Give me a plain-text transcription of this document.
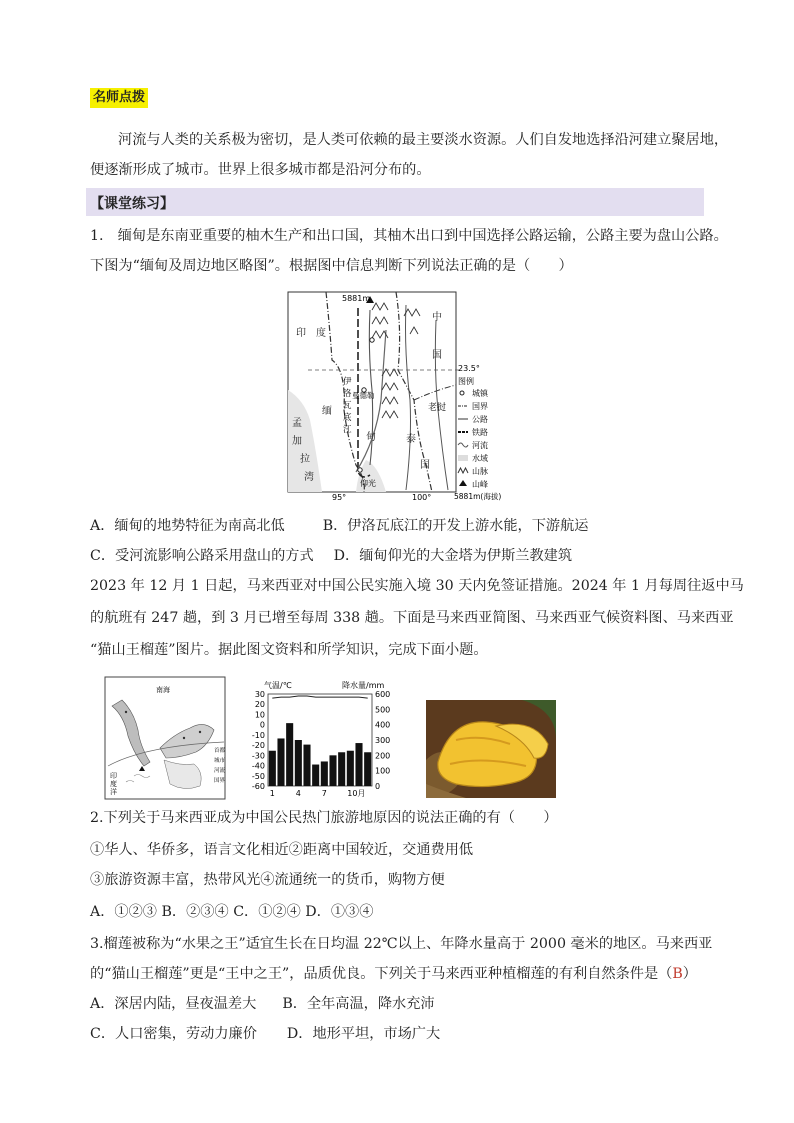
名师点拨
河流与人类的关系极为密切，是人类可依赖的最主要淡水资源。人们自发地选择沿河建立聚居地，
便逐渐形成了城市。世界上很多城市都是沿河分布的。
【课堂练习】
1.　缅甸是东南亚重要的柚木生产和出口国，其柚木出口到中国选择公路运输，公路主要为盘山公路。
下图为“缅甸及周边地区略图”。根据图中信息判断下列说法正确的是（　　）
5881m
23.5°
95°	100°
印 度
中
国
缅
甸
孟
加
拉
湾
泰
国
老挝
伊
洛
瓦
底
江
曼德勒
仰光
图例
城镇
国界
公路
铁路
河流
水域
山脉
山峰
5881m(海拔)
A．缅甸的地势特征为南高北低	B．伊洛瓦底江的开发上游水能，下游航运
C．受河流影响公路采用盘山的方式 D．缅甸仰光的大金塔为伊斯兰教建筑
2023 年 12 月 1 日起，马来西亚对中国公民实施入境 30 天内免签证措施。2024 年 1 月每周往返中马
的航班有 247 趟，到 3 月已增至每周 338 趟。下面是马来西亚简图、马来西亚气候资料图、马来西亚
“猫山王榴莲”图片。据此图文资料和所学知识，完成下面小题。
南海
印
度
洋
首都
城市
河流
国界
气温/℃	降水量/mm
30
20
10
0
-10
-20
-30
-40
-50
-60
600
500
400
300
200
100
0
1	4	7	10月
2.下列关于马来西亚成为中国公民热门旅游地原因的说法正确的有（　　）
①华人、华侨多，语言文化相近②距离中国较近，交通费用低
③旅游资源丰富，热带风光④流通统一的货币，购物方便
A．①②③ B．②③④ C．①②④ D．①③④
3.榴莲被称为“水果之王”适宜生长在日均温 22℃以上、年降水量高于 2000 毫米的地区。马来西亚
的“猫山王榴莲”更是“王中之王”，品质优良。下列关于马来西亚种植榴莲的有利自然条件是（B）
A．深居内陆，昼夜温差大 B．全年高温，降水充沛
C．人口密集，劳动力廉价 D．地形平坦，市场广大
